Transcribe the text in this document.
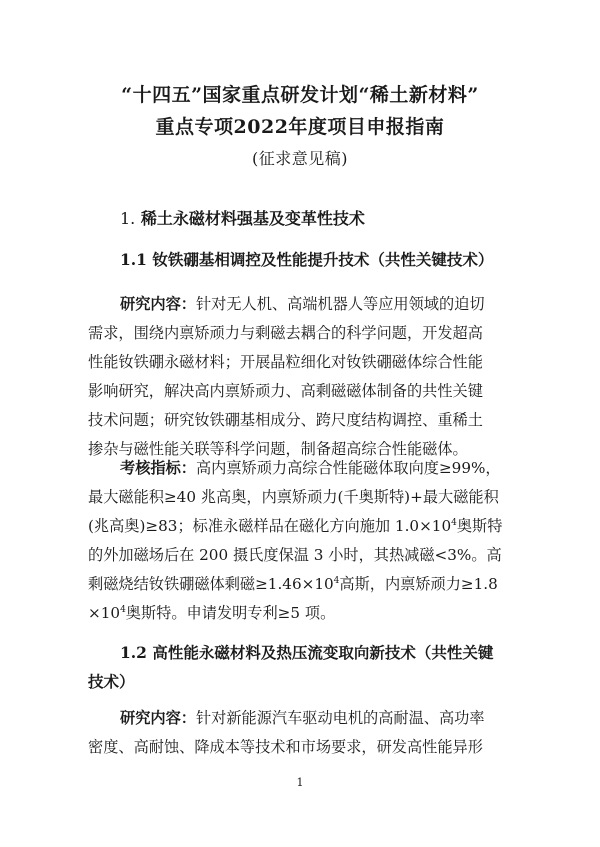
“十四五”国家重点研发计划“稀土新材料”
重点专项2022年度项目申报指南
(征求意见稿)
1. 稀土永磁材料强基及变革性技术
1.1 钕铁硼基相调控及性能提升技术（共性关键技术）
研究内容：针对无人机、高端机器人等应用领域的迫切
需求，围绕内禀矫顽力与剩磁去耦合的科学问题，开发超高
性能钕铁硼永磁材料；开展晶粒细化对钕铁硼磁体综合性能
影响研究，解决高内禀矫顽力、高剩磁磁体制备的共性关键
技术问题；研究钕铁硼基相成分、跨尺度结构调控、重稀土
掺杂与磁性能关联等科学问题，制备超高综合性能磁体。
考核指标：高内禀矫顽力高综合性能磁体取向度≥99%，
最大磁能积≥40 兆高奥，内禀矫顽力(千奥斯特)+最大磁能积
(兆高奥)≥83；标准永磁样品在磁化方向施加 $1.0\times 10^4$奥斯特
的外加磁场后在 200 摄氏度保温 3 小时，其热减磁<3%。高
剩磁烧结钕铁硼磁体剩磁$\ge 1.46\times 10^4$高斯，内禀矫顽力≥1.8
$\times 10^4$奥斯特。申请发明专利≥5 项。
1.2 高性能永磁材料及热压流变取向新技术（共性关键
技术）
研究内容：针对新能源汽车驱动电机的高耐温、高功率
密度、高耐蚀、降成本等技术和市场要求，研发高性能异形
1
